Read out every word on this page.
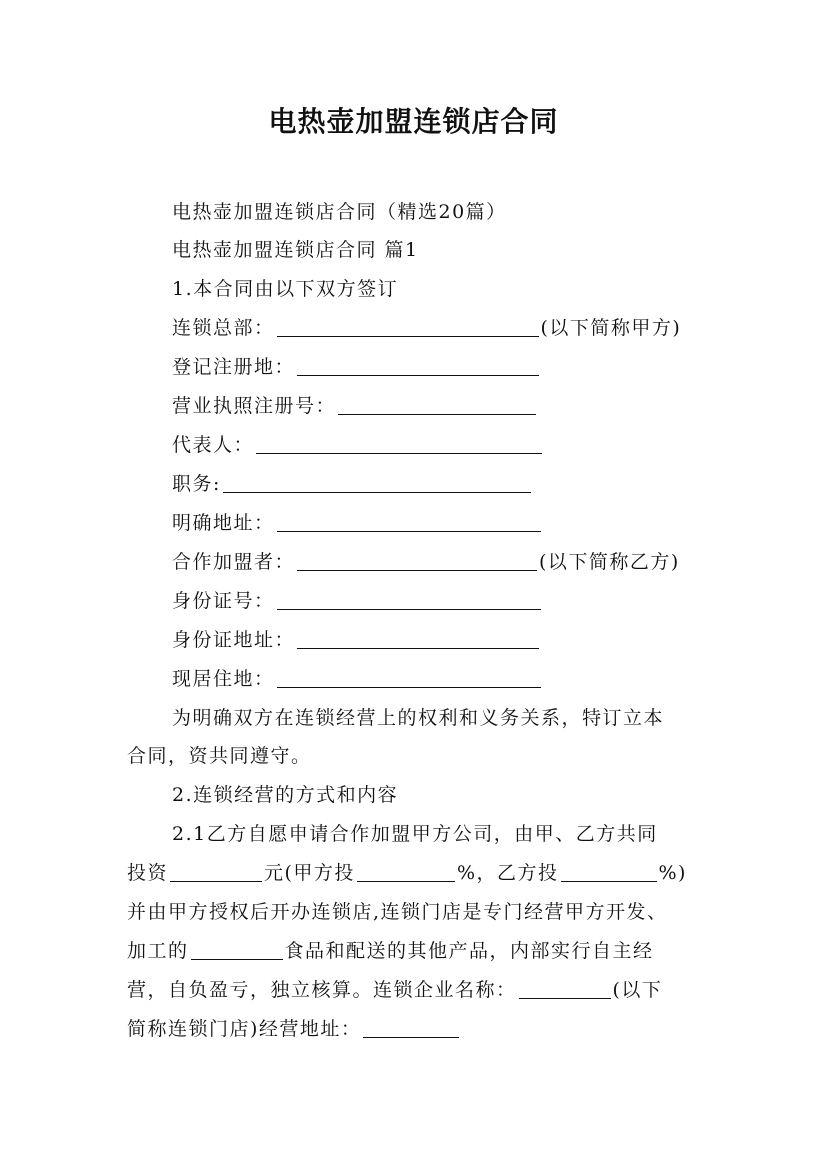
电热壶加盟连锁店合同
电热壶加盟连锁店合同（精选20篇）
电热壶加盟连锁店合同 篇1
1.本合同由以下双方签订
连锁总部：	(以下简称甲方)
登记注册地：
营业执照注册号：
代表人：
职务:
明确地址：
合作加盟者：	(以下简称乙方)
身份证号：
身份证地址：
现居住地：
为明确双方在连锁经营上的权利和义务关系，特订立本
合同，资共同遵守。
2.连锁经营的方式和内容
2.1乙方自愿申请合作加盟甲方公司，由甲、乙方共同
投资	元(甲方投	%，乙方投	%)
并由甲方授权后开办连锁店,连锁门店是专门经营甲方开发、
加工的	食品和配送的其他产品，内部实行自主经
营，自负盈亏，独立核算。连锁企业名称：	(以下
简称连锁门店)经营地址：
